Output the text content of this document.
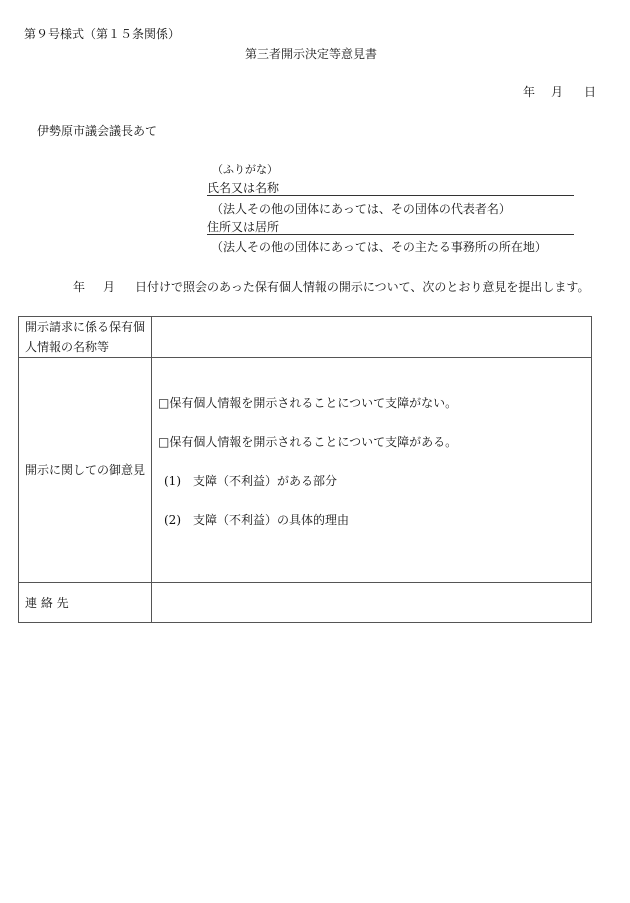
第９号様式（第１５条関係）
第三者開示決定等意見書
年 月 日
伊勢原市議会議長あて
（ふりがな）
氏名又は名称
（法人その他の団体にあっては、その団体の代表者名）
住所又は居所
（法人その他の団体にあっては、その主たる事務所の所在地）
年 月 日付けで照会のあった保有個人情報の開示について、次のとおり意見を提出します。
開示請求に係る保有個人情報の名称等	
開示に関しての御意見	□保有個人情報を開示されることについて支障がない。

□保有個人情報を開示されることについて支障がある。

(1)　支障（不利益）がある部分

(2)　支障（不利益）の具体的理由

連 絡 先	
